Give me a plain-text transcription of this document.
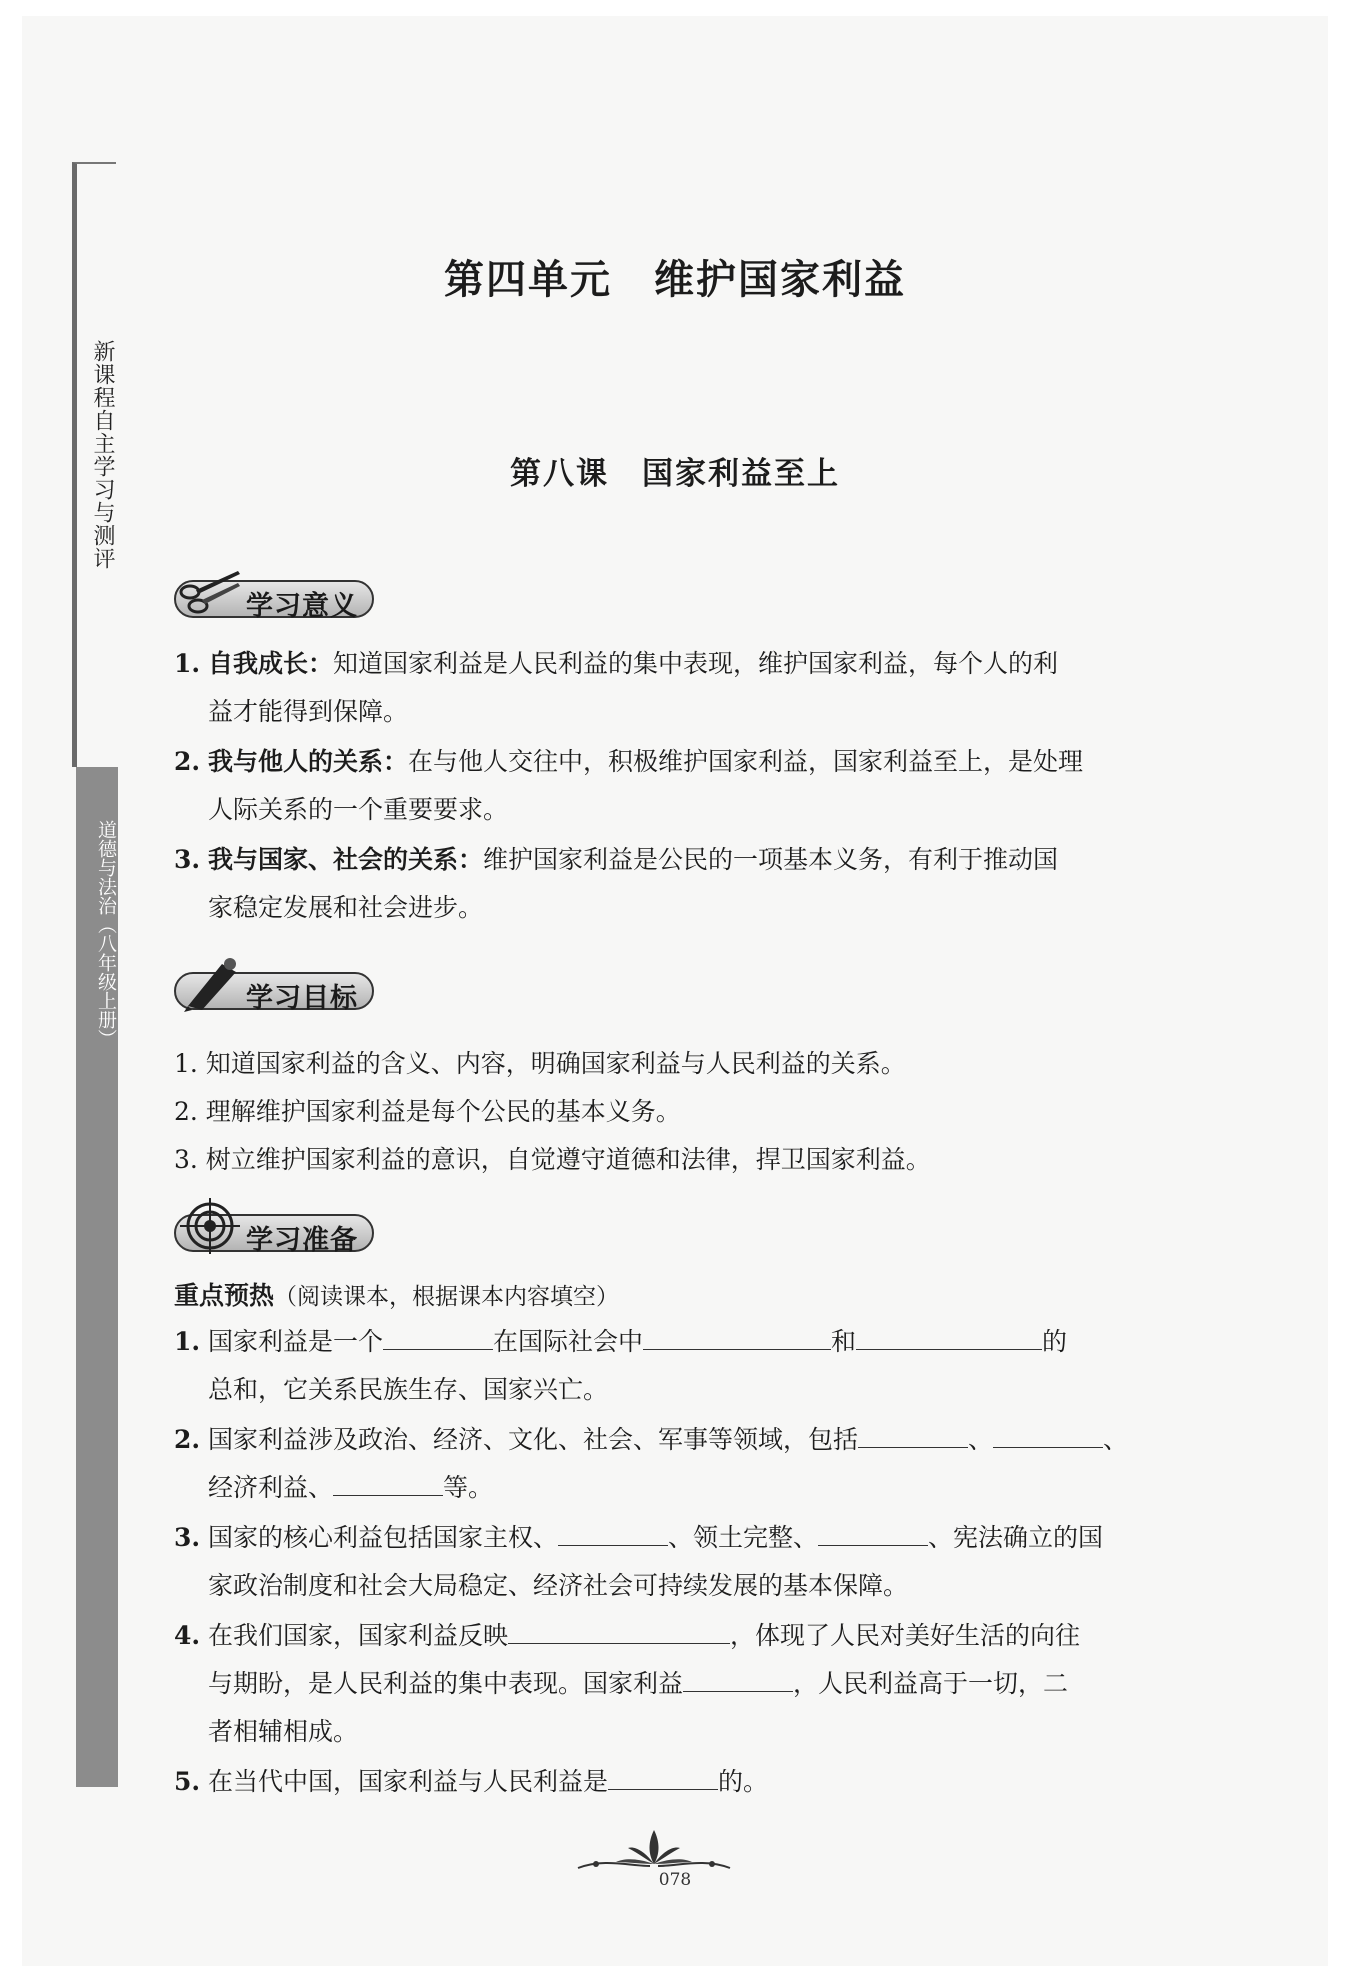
新课程自主学习与测评
道德与法治（八年级上册）
第四单元　维护国家利益
第八课　国家利益至上
学习意义
1. 自我成长：知道国家利益是人民利益的集中表现，维护国家利益，每个人的利
益才能得到保障。
2. 我与他人的关系：在与他人交往中，积极维护国家利益，国家利益至上，是处理
人际关系的一个重要要求。
3. 我与国家、社会的关系：维护国家利益是公民的一项基本义务，有利于推动国
家稳定发展和社会进步。
学习目标
1. 知道国家利益的含义、内容，明确国家利益与人民利益的关系。
2. 理解维护国家利益是每个公民的基本义务。
3. 树立维护国家利益的意识，自觉遵守道德和法律，捍卫国家利益。
学习准备
重点预热（阅读课本，根据课本内容填空）
1. 国家利益是一个	在国际社会中	和	的
总和，它关系民族生存、国家兴亡。
2. 国家利益涉及政治、经济、文化、社会、军事等领域，包括	、	、
经济利益、	等。
3. 国家的核心利益包括国家主权、	、领土完整、	、宪法确立的国
家政治制度和社会大局稳定、经济社会可持续发展的基本保障。
4. 在我们国家，国家利益反映	，体现了人民对美好生活的向往
与期盼，是人民利益的集中表现。国家利益	，人民利益高于一切，二
者相辅相成。
5. 在当代中国，国家利益与人民利益是	的。
078
